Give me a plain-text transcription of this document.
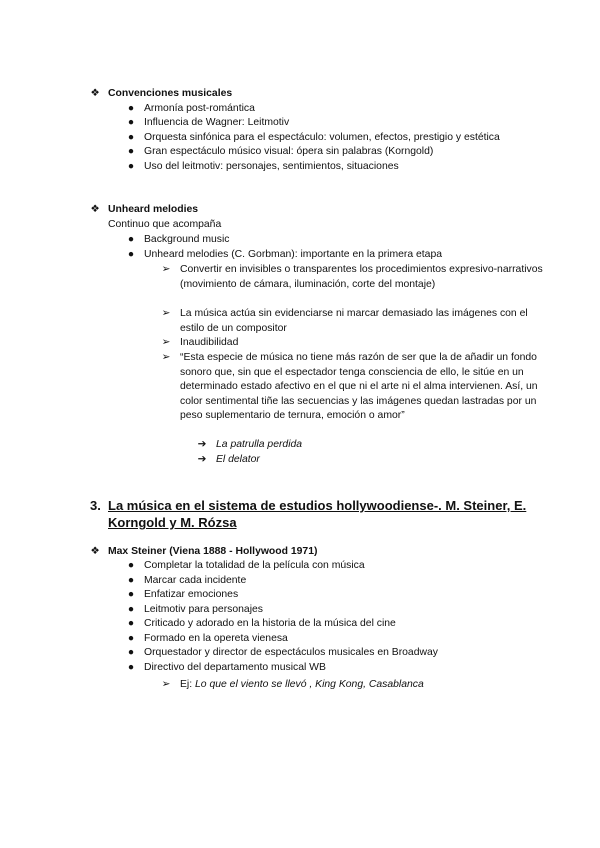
❖ Convenciones musicales
● Armonía post-romántica
● Influencia de Wagner: Leitmotiv
● Orquesta sinfónica para el espectáculo: volumen, efectos, prestigio y estética
● Gran espectáculo músico visual: ópera sin palabras (Korngold)
● Uso del leitmotiv: personajes, sentimientos, situaciones
❖ Unheard melodies
Continuo que acompaña
● Background music
● Unheard melodies (C. Gorbman): importante en la primera etapa
➢ Convertir en invisibles o transparentes los procedimientos expresivo-narrativos (movimiento de cámara, iluminación, corte del montaje)
➢ La música actúa sin evidenciarse ni marcar demasiado las imágenes con el estilo de un compositor
➢ Inaudibilidad
➢ “Esta especie de música no tiene más razón de ser que la de añadir un fondo sonoro que, sin que el espectador tenga consciencia de ello, le sitúe en un determinado estado afectivo en el que ni el arte ni el alma intervienen. Así, un color sentimental tiñe las secuencias y las imágenes quedan lastradas por un peso suplementario de ternura, emoción o amor”
➔ La patrulla perdida
➔ El delator
3. La música en el sistema de estudios hollywoodiense-. M. Steiner, E.
Korngold y M. Rózsa
❖ Max Steiner (Viena 1888 - Hollywood 1971)
● Completar la totalidad de la película con música
● Marcar cada incidente
● Enfatizar emociones
● Leitmotiv para personajes
● Criticado y adorado en la historia de la música del cine
● Formado en la opereta vienesa
● Orquestador y director de espectáculos musicales en Broadway
● Directivo del departamento musical WB
➢ Ej: Lo que el viento se llevó , King Kong, Casablanca
